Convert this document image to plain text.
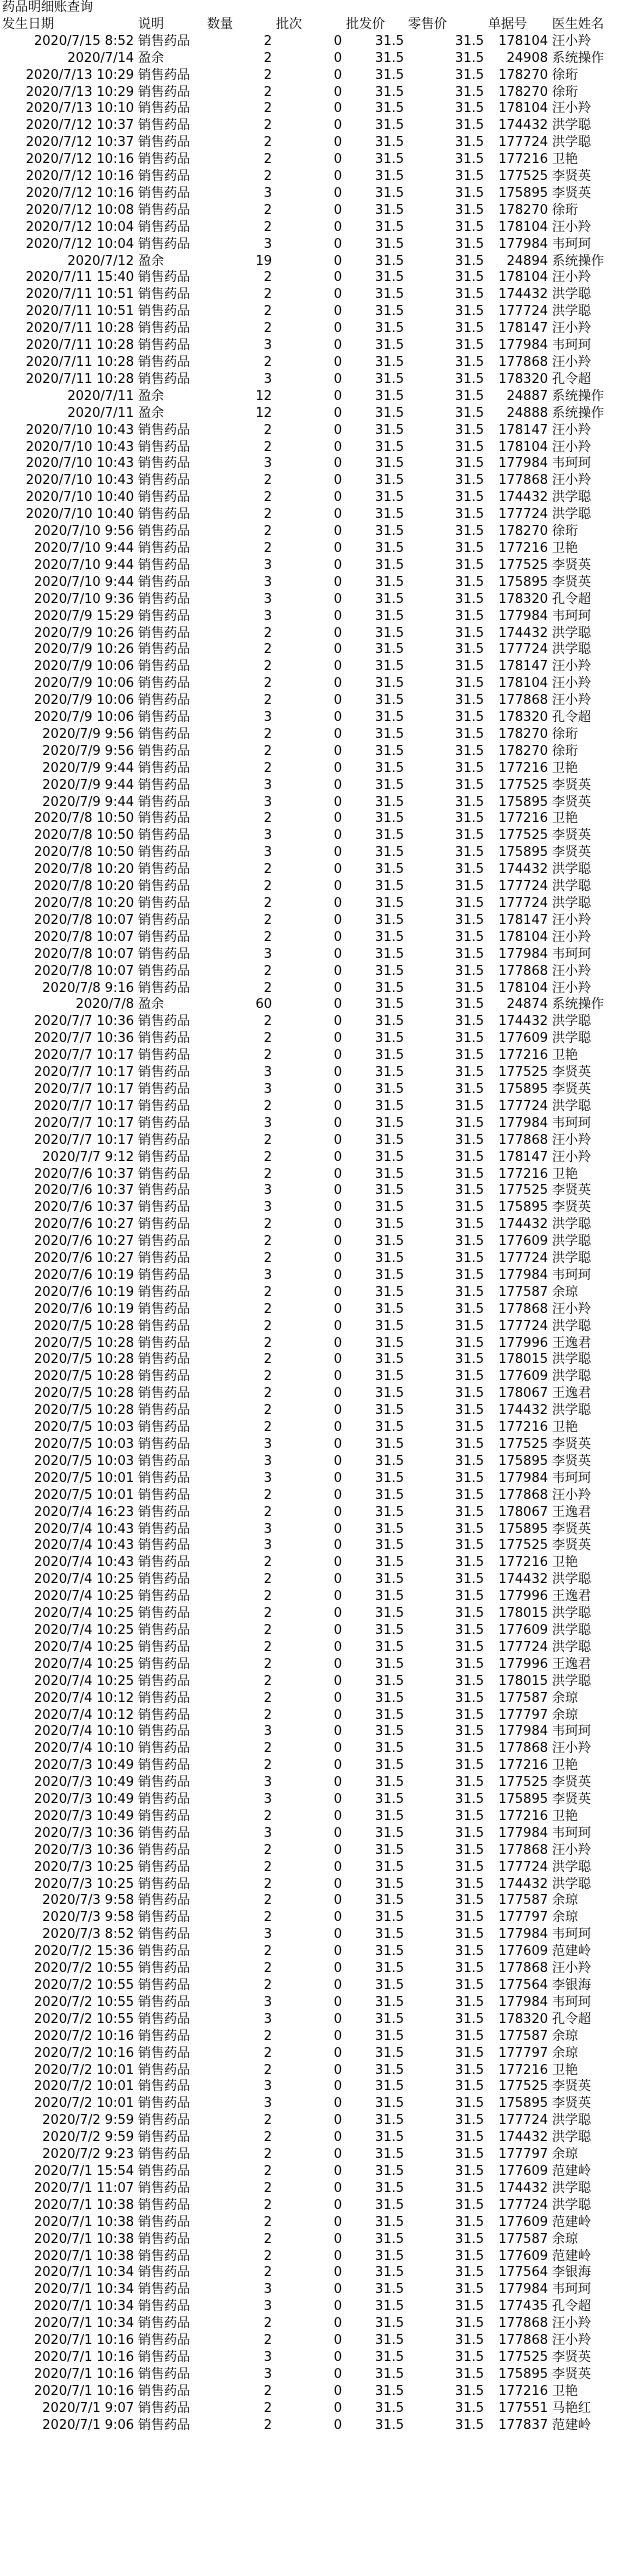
药品明细账查询
发生日期	说明	数量	批次	批发价	零售价	单据号	医生姓名
2020/7/15 8:52	销售药品	2	0	31.5	31.5	178104	汪小羚
2020/7/14	盈余	2	0	31.5	31.5	24908	系统操作
2020/7/13 10:29	销售药品	2	0	31.5	31.5	178270	徐珩
2020/7/13 10:29	销售药品	2	0	31.5	31.5	178270	徐珩
2020/7/13 10:10	销售药品	2	0	31.5	31.5	178104	汪小羚
2020/7/12 10:37	销售药品	2	0	31.5	31.5	174432	洪学聪
2020/7/12 10:37	销售药品	2	0	31.5	31.5	177724	洪学聪
2020/7/12 10:16	销售药品	2	0	31.5	31.5	177216	卫艳
2020/7/12 10:16	销售药品	2	0	31.5	31.5	177525	李贤英
2020/7/12 10:16	销售药品	3	0	31.5	31.5	175895	李贤英
2020/7/12 10:08	销售药品	2	0	31.5	31.5	178270	徐珩
2020/7/12 10:04	销售药品	2	0	31.5	31.5	178104	汪小羚
2020/7/12 10:04	销售药品	3	0	31.5	31.5	177984	韦珂珂
2020/7/12	盈余	19	0	31.5	31.5	24894	系统操作
2020/7/11 15:40	销售药品	2	0	31.5	31.5	178104	汪小羚
2020/7/11 10:51	销售药品	2	0	31.5	31.5	174432	洪学聪
2020/7/11 10:51	销售药品	2	0	31.5	31.5	177724	洪学聪
2020/7/11 10:28	销售药品	2	0	31.5	31.5	178147	汪小羚
2020/7/11 10:28	销售药品	3	0	31.5	31.5	177984	韦珂珂
2020/7/11 10:28	销售药品	2	0	31.5	31.5	177868	汪小羚
2020/7/11 10:28	销售药品	3	0	31.5	31.5	178320	孔令超
2020/7/11	盈余	12	0	31.5	31.5	24887	系统操作
2020/7/11	盈余	12	0	31.5	31.5	24888	系统操作
2020/7/10 10:43	销售药品	2	0	31.5	31.5	178147	汪小羚
2020/7/10 10:43	销售药品	2	0	31.5	31.5	178104	汪小羚
2020/7/10 10:43	销售药品	3	0	31.5	31.5	177984	韦珂珂
2020/7/10 10:43	销售药品	2	0	31.5	31.5	177868	汪小羚
2020/7/10 10:40	销售药品	2	0	31.5	31.5	174432	洪学聪
2020/7/10 10:40	销售药品	2	0	31.5	31.5	177724	洪学聪
2020/7/10 9:56	销售药品	2	0	31.5	31.5	178270	徐珩
2020/7/10 9:44	销售药品	2	0	31.5	31.5	177216	卫艳
2020/7/10 9:44	销售药品	3	0	31.5	31.5	177525	李贤英
2020/7/10 9:44	销售药品	3	0	31.5	31.5	175895	李贤英
2020/7/10 9:36	销售药品	3	0	31.5	31.5	178320	孔令超
2020/7/9 15:29	销售药品	3	0	31.5	31.5	177984	韦珂珂
2020/7/9 10:26	销售药品	2	0	31.5	31.5	174432	洪学聪
2020/7/9 10:26	销售药品	2	0	31.5	31.5	177724	洪学聪
2020/7/9 10:06	销售药品	2	0	31.5	31.5	178147	汪小羚
2020/7/9 10:06	销售药品	2	0	31.5	31.5	178104	汪小羚
2020/7/9 10:06	销售药品	2	0	31.5	31.5	177868	汪小羚
2020/7/9 10:06	销售药品	3	0	31.5	31.5	178320	孔令超
2020/7/9 9:56	销售药品	2	0	31.5	31.5	178270	徐珩
2020/7/9 9:56	销售药品	2	0	31.5	31.5	178270	徐珩
2020/7/9 9:44	销售药品	2	0	31.5	31.5	177216	卫艳
2020/7/9 9:44	销售药品	3	0	31.5	31.5	177525	李贤英
2020/7/9 9:44	销售药品	3	0	31.5	31.5	175895	李贤英
2020/7/8 10:50	销售药品	2	0	31.5	31.5	177216	卫艳
2020/7/8 10:50	销售药品	3	0	31.5	31.5	177525	李贤英
2020/7/8 10:50	销售药品	3	0	31.5	31.5	175895	李贤英
2020/7/8 10:20	销售药品	2	0	31.5	31.5	174432	洪学聪
2020/7/8 10:20	销售药品	2	0	31.5	31.5	177724	洪学聪
2020/7/8 10:20	销售药品	2	0	31.5	31.5	177724	洪学聪
2020/7/8 10:07	销售药品	2	0	31.5	31.5	178147	汪小羚
2020/7/8 10:07	销售药品	2	0	31.5	31.5	178104	汪小羚
2020/7/8 10:07	销售药品	3	0	31.5	31.5	177984	韦珂珂
2020/7/8 10:07	销售药品	2	0	31.5	31.5	177868	汪小羚
2020/7/8 9:16	销售药品	2	0	31.5	31.5	178104	汪小羚
2020/7/8	盈余	60	0	31.5	31.5	24874	系统操作
2020/7/7 10:36	销售药品	2	0	31.5	31.5	174432	洪学聪
2020/7/7 10:36	销售药品	2	0	31.5	31.5	177609	洪学聪
2020/7/7 10:17	销售药品	2	0	31.5	31.5	177216	卫艳
2020/7/7 10:17	销售药品	3	0	31.5	31.5	177525	李贤英
2020/7/7 10:17	销售药品	3	0	31.5	31.5	175895	李贤英
2020/7/7 10:17	销售药品	2	0	31.5	31.5	177724	洪学聪
2020/7/7 10:17	销售药品	3	0	31.5	31.5	177984	韦珂珂
2020/7/7 10:17	销售药品	2	0	31.5	31.5	177868	汪小羚
2020/7/7 9:12	销售药品	2	0	31.5	31.5	178147	汪小羚
2020/7/6 10:37	销售药品	2	0	31.5	31.5	177216	卫艳
2020/7/6 10:37	销售药品	3	0	31.5	31.5	177525	李贤英
2020/7/6 10:37	销售药品	3	0	31.5	31.5	175895	李贤英
2020/7/6 10:27	销售药品	2	0	31.5	31.5	174432	洪学聪
2020/7/6 10:27	销售药品	2	0	31.5	31.5	177609	洪学聪
2020/7/6 10:27	销售药品	2	0	31.5	31.5	177724	洪学聪
2020/7/6 10:19	销售药品	3	0	31.5	31.5	177984	韦珂珂
2020/7/6 10:19	销售药品	2	0	31.5	31.5	177587	余琼
2020/7/6 10:19	销售药品	2	0	31.5	31.5	177868	汪小羚
2020/7/5 10:28	销售药品	2	0	31.5	31.5	177724	洪学聪
2020/7/5 10:28	销售药品	2	0	31.5	31.5	177996	王逸君
2020/7/5 10:28	销售药品	2	0	31.5	31.5	178015	洪学聪
2020/7/5 10:28	销售药品	2	0	31.5	31.5	177609	洪学聪
2020/7/5 10:28	销售药品	2	0	31.5	31.5	178067	王逸君
2020/7/5 10:28	销售药品	2	0	31.5	31.5	174432	洪学聪
2020/7/5 10:03	销售药品	2	0	31.5	31.5	177216	卫艳
2020/7/5 10:03	销售药品	3	0	31.5	31.5	177525	李贤英
2020/7/5 10:03	销售药品	3	0	31.5	31.5	175895	李贤英
2020/7/5 10:01	销售药品	3	0	31.5	31.5	177984	韦珂珂
2020/7/5 10:01	销售药品	2	0	31.5	31.5	177868	汪小羚
2020/7/4 16:23	销售药品	2	0	31.5	31.5	178067	王逸君
2020/7/4 10:43	销售药品	3	0	31.5	31.5	175895	李贤英
2020/7/4 10:43	销售药品	3	0	31.5	31.5	177525	李贤英
2020/7/4 10:43	销售药品	2	0	31.5	31.5	177216	卫艳
2020/7/4 10:25	销售药品	2	0	31.5	31.5	174432	洪学聪
2020/7/4 10:25	销售药品	2	0	31.5	31.5	177996	王逸君
2020/7/4 10:25	销售药品	2	0	31.5	31.5	178015	洪学聪
2020/7/4 10:25	销售药品	2	0	31.5	31.5	177609	洪学聪
2020/7/4 10:25	销售药品	2	0	31.5	31.5	177724	洪学聪
2020/7/4 10:25	销售药品	2	0	31.5	31.5	177996	王逸君
2020/7/4 10:25	销售药品	2	0	31.5	31.5	178015	洪学聪
2020/7/4 10:12	销售药品	2	0	31.5	31.5	177587	余琼
2020/7/4 10:12	销售药品	2	0	31.5	31.5	177797	余琼
2020/7/4 10:10	销售药品	3	0	31.5	31.5	177984	韦珂珂
2020/7/4 10:10	销售药品	2	0	31.5	31.5	177868	汪小羚
2020/7/3 10:49	销售药品	2	0	31.5	31.5	177216	卫艳
2020/7/3 10:49	销售药品	3	0	31.5	31.5	177525	李贤英
2020/7/3 10:49	销售药品	3	0	31.5	31.5	175895	李贤英
2020/7/3 10:49	销售药品	2	0	31.5	31.5	177216	卫艳
2020/7/3 10:36	销售药品	3	0	31.5	31.5	177984	韦珂珂
2020/7/3 10:36	销售药品	2	0	31.5	31.5	177868	汪小羚
2020/7/3 10:25	销售药品	2	0	31.5	31.5	177724	洪学聪
2020/7/3 10:25	销售药品	2	0	31.5	31.5	174432	洪学聪
2020/7/3 9:58	销售药品	2	0	31.5	31.5	177587	余琼
2020/7/3 9:58	销售药品	2	0	31.5	31.5	177797	余琼
2020/7/3 8:52	销售药品	3	0	31.5	31.5	177984	韦珂珂
2020/7/2 15:36	销售药品	2	0	31.5	31.5	177609	范建岭
2020/7/2 10:55	销售药品	2	0	31.5	31.5	177868	汪小羚
2020/7/2 10:55	销售药品	2	0	31.5	31.5	177564	李银海
2020/7/2 10:55	销售药品	3	0	31.5	31.5	177984	韦珂珂
2020/7/2 10:55	销售药品	3	0	31.5	31.5	178320	孔令超
2020/7/2 10:16	销售药品	2	0	31.5	31.5	177587	余琼
2020/7/2 10:16	销售药品	2	0	31.5	31.5	177797	余琼
2020/7/2 10:01	销售药品	2	0	31.5	31.5	177216	卫艳
2020/7/2 10:01	销售药品	3	0	31.5	31.5	177525	李贤英
2020/7/2 10:01	销售药品	3	0	31.5	31.5	175895	李贤英
2020/7/2 9:59	销售药品	2	0	31.5	31.5	177724	洪学聪
2020/7/2 9:59	销售药品	2	0	31.5	31.5	174432	洪学聪
2020/7/2 9:23	销售药品	2	0	31.5	31.5	177797	余琼
2020/7/1 15:54	销售药品	2	0	31.5	31.5	177609	范建岭
2020/7/1 11:07	销售药品	2	0	31.5	31.5	174432	洪学聪
2020/7/1 10:38	销售药品	2	0	31.5	31.5	177724	洪学聪
2020/7/1 10:38	销售药品	2	0	31.5	31.5	177609	范建岭
2020/7/1 10:38	销售药品	2	0	31.5	31.5	177587	余琼
2020/7/1 10:38	销售药品	2	0	31.5	31.5	177609	范建岭
2020/7/1 10:34	销售药品	2	0	31.5	31.5	177564	李银海
2020/7/1 10:34	销售药品	3	0	31.5	31.5	177984	韦珂珂
2020/7/1 10:34	销售药品	3	0	31.5	31.5	177435	孔令超
2020/7/1 10:34	销售药品	2	0	31.5	31.5	177868	汪小羚
2020/7/1 10:16	销售药品	2	0	31.5	31.5	177868	汪小羚
2020/7/1 10:16	销售药品	3	0	31.5	31.5	177525	李贤英
2020/7/1 10:16	销售药品	3	0	31.5	31.5	175895	李贤英
2020/7/1 10:16	销售药品	2	0	31.5	31.5	177216	卫艳
2020/7/1 9:07	销售药品	2	0	31.5	31.5	177551	马艳红
2020/7/1 9:06	销售药品	2	0	31.5	31.5	177837	范建岭
